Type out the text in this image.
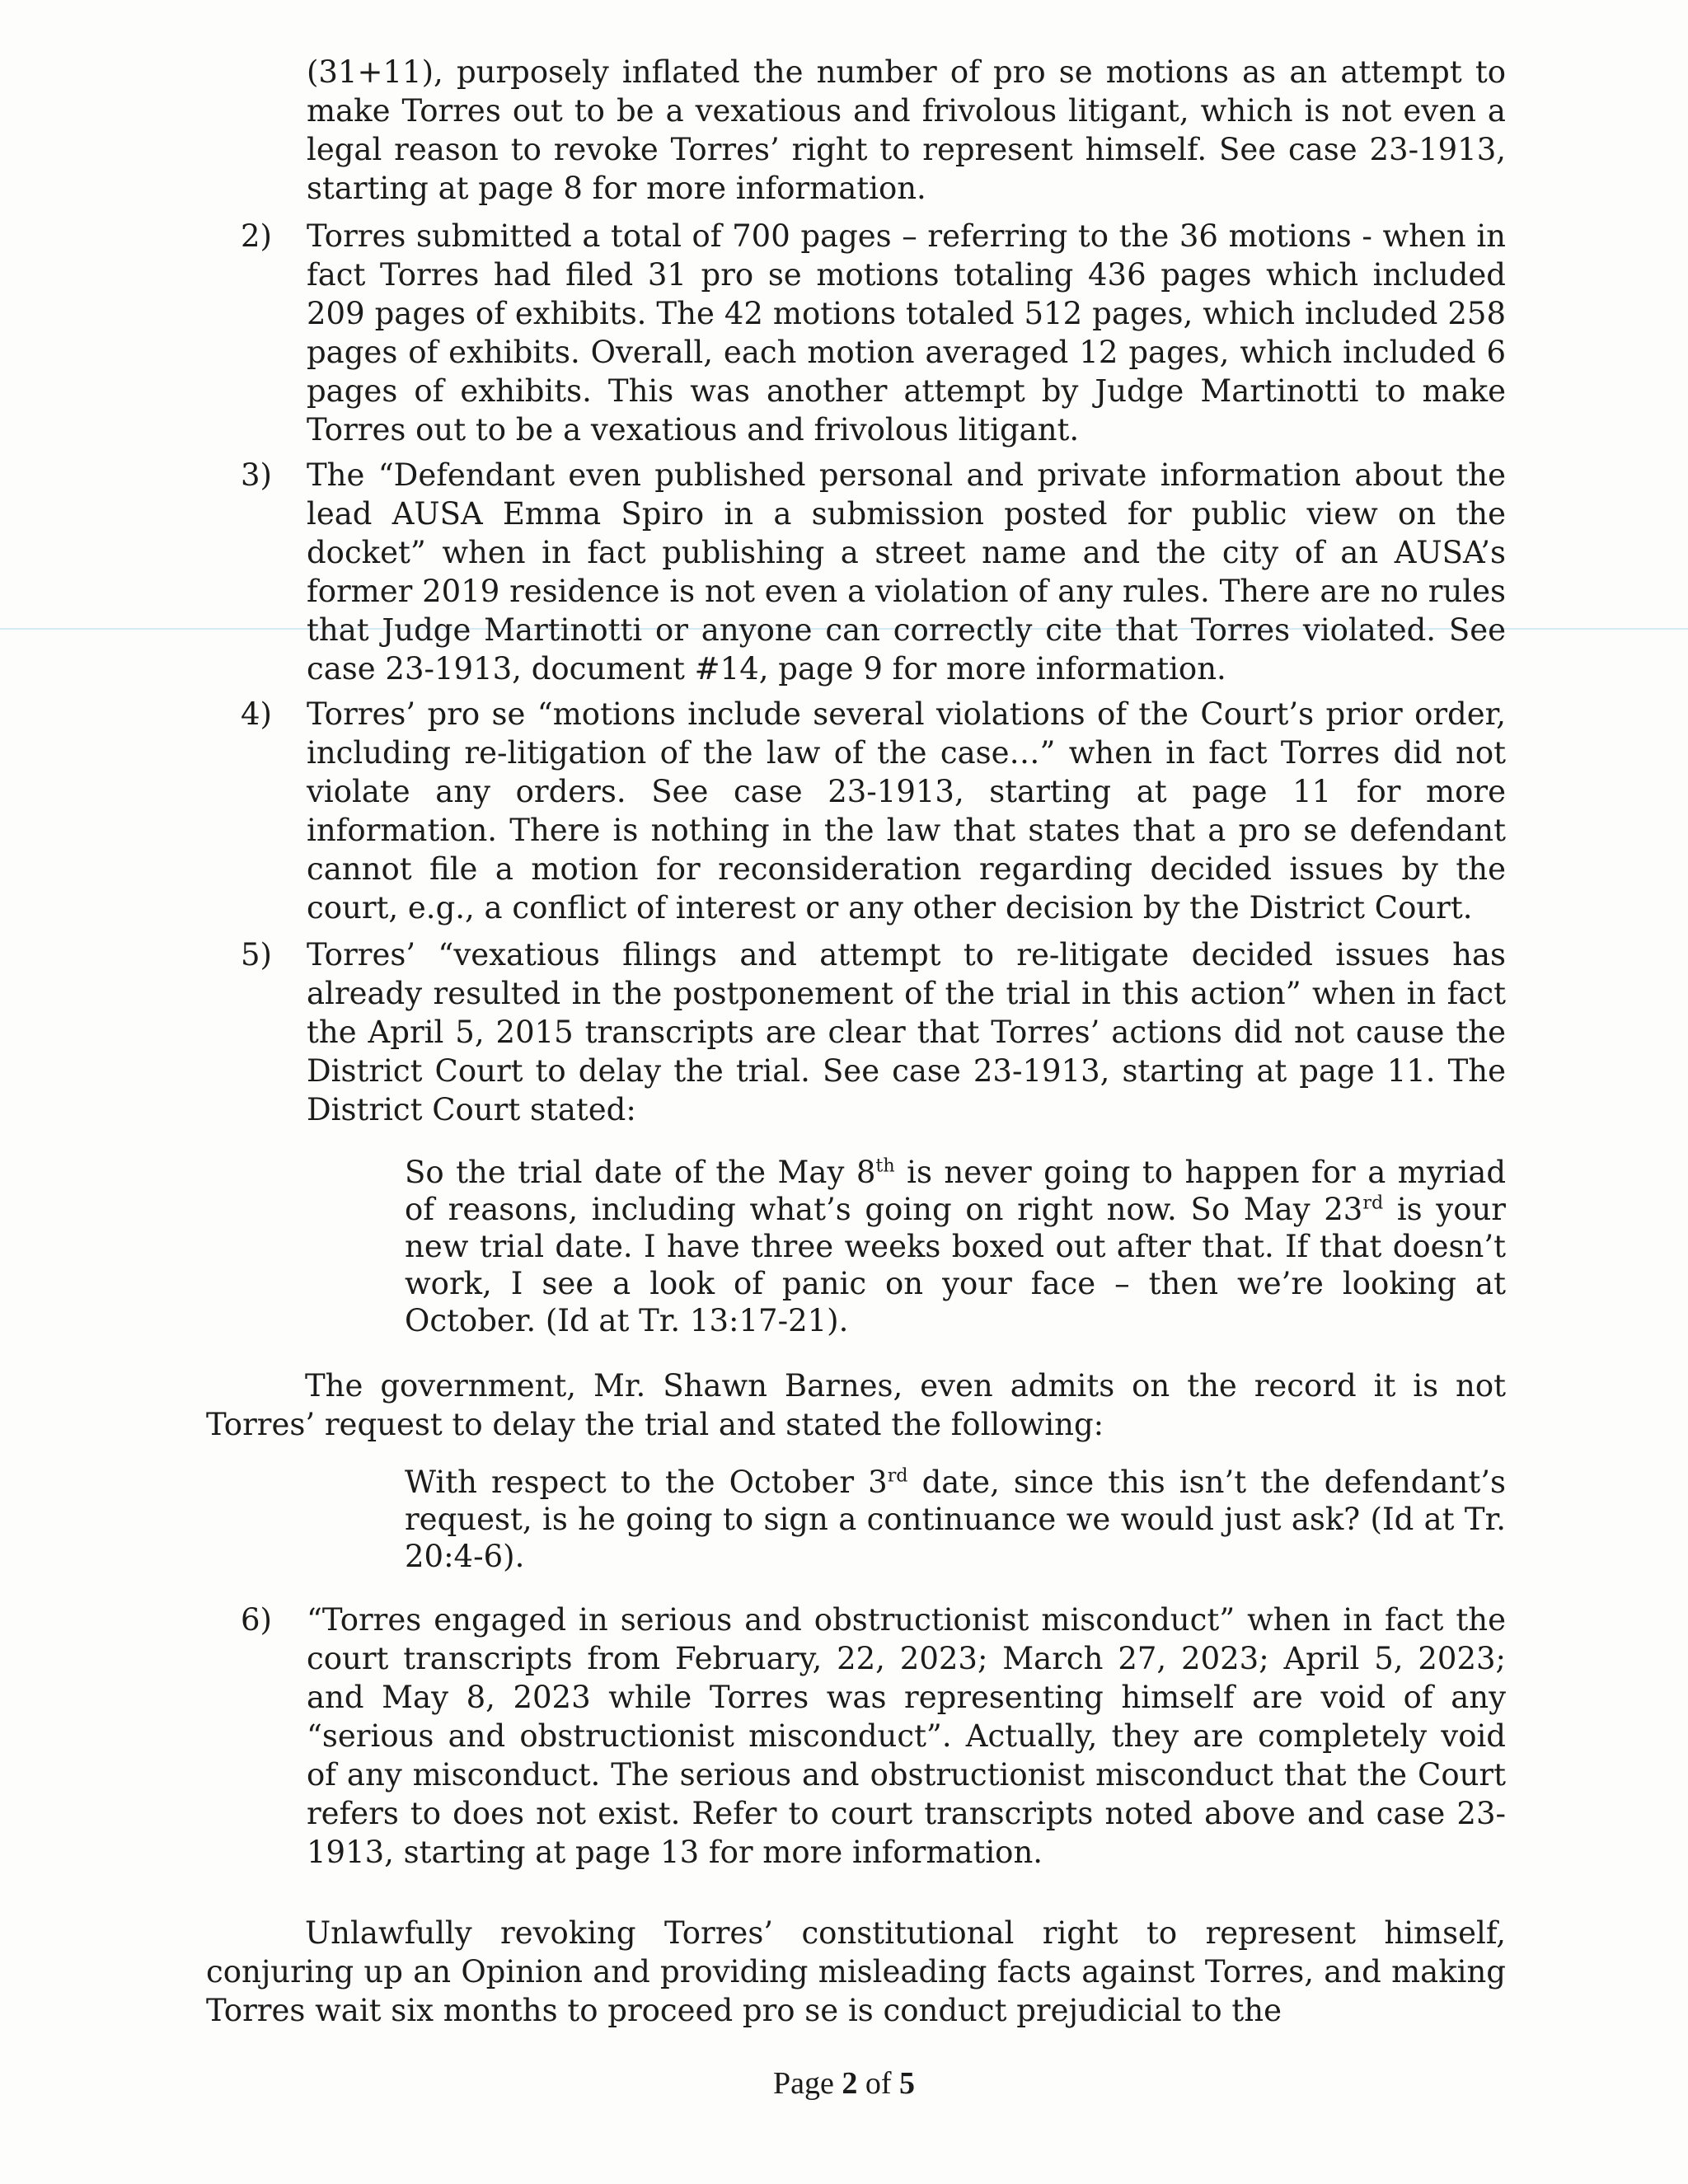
(31+11), purposely inflated the number of pro se motions as an attempt to make Torres out to be a vexatious and frivolous litigant, which is not even a legal reason to revoke Torres’ right to represent himself. See case 23-1913, starting at page 8 for more information.
2)	Torres submitted a total of 700 pages – referring to the 36 motions - when in fact Torres had filed 31 pro se motions totaling 436 pages which included 209 pages of exhibits. The 42 motions totaled 512 pages, which included 258 pages of exhibits. Overall, each motion averaged 12 pages, which included 6 pages of exhibits. This was another attempt by Judge Martinotti to make Torres out to be a vexatious and frivolous litigant.
3)	The “Defendant even published personal and private information about the lead AUSA Emma Spiro in a submission posted for public view on the docket” when in fact publishing a street name and the city of an AUSA’s former 2019 residence is not even a violation of any rules. There are no rules that Judge Martinotti or anyone can correctly cite that Torres violated. See case 23-1913, document #14, page 9 for more information.
4)	Torres’ pro se “motions include several violations of the Court’s prior order, including re-litigation of the law of the case…” when in fact Torres did not violate any orders. See case 23-1913, starting at page 11 for more information. There is nothing in the law that states that a pro se defendant cannot file a motion for reconsideration regarding decided issues by the court, e.g., a conflict of interest or any other decision by the District Court.
5)	Torres’ “vexatious filings and attempt to re-litigate decided issues has already resulted in the postponement of the trial in this action” when in fact the April 5, 2015 transcripts are clear that Torres’ actions did not cause the District Court to delay the trial. See case 23-1913, starting at page 11. The District Court stated:
6)	“Torres engaged in serious and obstructionist misconduct” when in fact the court transcripts from February, 22, 2023; March 27, 2023; April 5, 2023; and May 8, 2023 while Torres was representing himself are void of any “serious and obstructionist misconduct”. Actually, they are completely void of any misconduct. The serious and obstructionist misconduct that the Court refers to does not exist. Refer to court transcripts noted above and case 23-1913, starting at page 13 for more information.
So the trial date of the May 8th is never going to happen for a myriad of reasons, including what’s going on right now. So May 23rd is your new trial date. I have three weeks boxed out after that. If that doesn’t work, I see a look of panic on your face – then we’re looking at October. (Id at Tr. 13:17-21).
The government, Mr. Shawn Barnes, even admits on the record it is not Torres’ request to delay the trial and stated the following:
With respect to the October 3rd date, since this isn’t the defendant’s request, is he going to sign a continuance we would just ask? (Id at Tr. 20:4-6).
Unlawfully revoking Torres’ constitutional right to represent himself, conjuring up an Opinion and providing misleading facts against Torres, and making Torres wait six months to proceed pro se is conduct prejudicial to the
Page 2 of 5
